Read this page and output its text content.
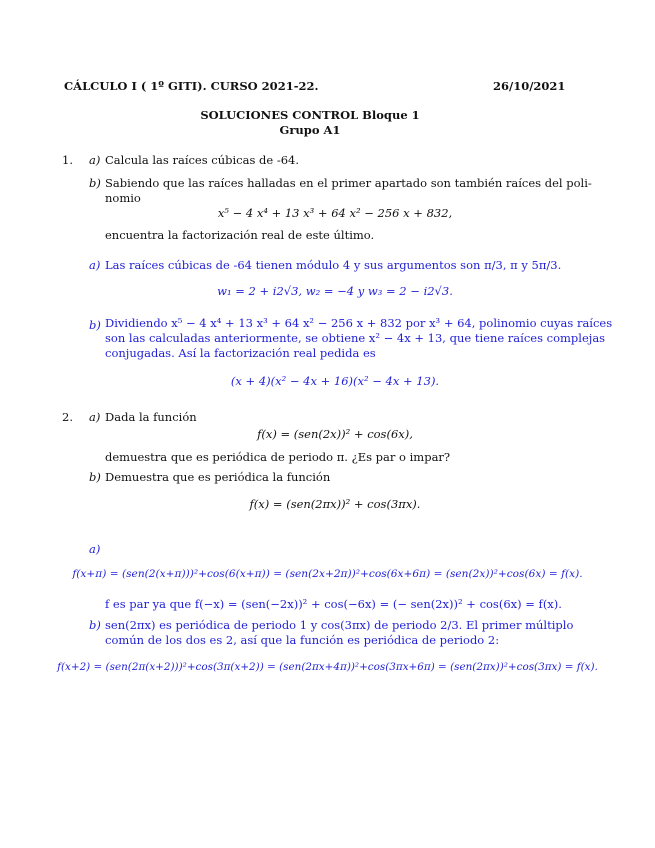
CÁLCULO I ( 1º GITI). CURSO 2021-22.	26/10/2021
SOLUCIONES CONTROL Bloque 1
Grupo A1
1. a) Calcula las raíces cúbicas de -64.
b) Sabiendo que las raíces halladas en el primer apartado son también raíces del poli-
nomio
x⁵ − 4 x⁴ + 13 x³ + 64 x² − 256 x + 832,
encuentra la factorización real de este último.
a) Las raíces cúbicas de -64 tienen módulo 4 y sus argumentos son π/3, π y 5π/3.
w₁ = 2 + i2√3, w₂ = −4 y w₃ = 2 − i2√3.
b) Dividiendo x⁵ − 4 x⁴ + 13 x³ + 64 x² − 256 x + 832 por x³ + 64, polinomio cuyas raíces
son las calculadas anteriormente, se obtiene x² − 4x + 13, que tiene raíces complejas
conjugadas. Así la factorización real pedida es
(x + 4)(x² − 4x + 16)(x² − 4x + 13).
2. a) Dada la función
f(x) = (sen(2x))² + cos(6x),
demuestra que es periódica de periodo π. ¿Es par o impar?
b) Demuestra que es periódica la función
f(x) = (sen(2πx))² + cos(3πx).
a)
f(x+π) = (sen(2(x+π)))²+cos(6(x+π)) = (sen(2x+2π))²+cos(6x+6π) = (sen(2x))²+cos(6x) = f(x).
f es par ya que f(−x) = (sen(−2x))² + cos(−6x) = (− sen(2x))² + cos(6x) = f(x).
b) sen(2πx) es periódica de periodo 1 y cos(3πx) de periodo 2/3. El primer múltiplo
común de los dos es 2, así que la función es periódica de periodo 2:
f(x+2) = (sen(2π(x+2)))²+cos(3π(x+2)) = (sen(2πx+4π))²+cos(3πx+6π) = (sen(2πx))²+cos(3πx) = f(x).
